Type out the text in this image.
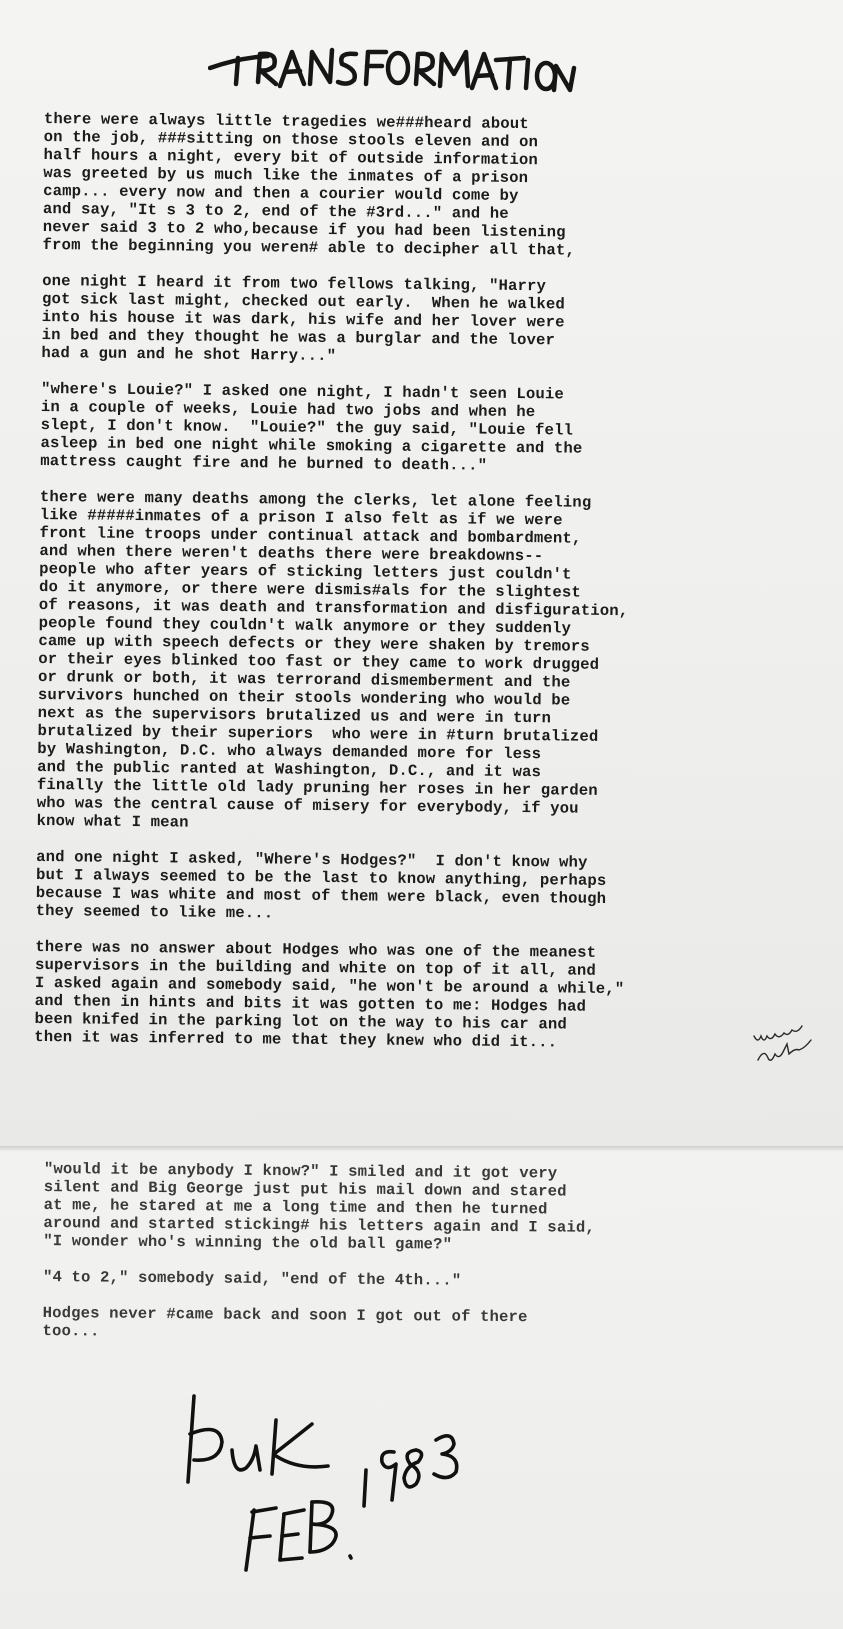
there were always little tragedies we###heard about
on the job, ###sitting on those stools eleven and on
half hours a night, every bit of outside information
was greeted by us much like the inmates of a prison
camp... every now and then a courier would come by
and say, "It s 3 to 2, end of the #3rd..." and he
never said 3 to 2 who,because if you had been listening
from the beginning you weren# able to decipher all that,
one night I heard it from two fellows talking, "Harry
got sick last might, checked out early.  When he walked
into his house it was dark, his wife and her lover were
in bed and they thought he was a burglar and the lover
had a gun and he shot Harry..."
"where's Louie?" I asked one night, I hadn't seen Louie
in a couple of weeks, Louie had two jobs and when he
slept, I don't know.  "Louie?" the guy said, "Louie fell
asleep in bed one night while smoking a cigarette and the
mattress caught fire and he burned to death..."
there were many deaths among the clerks, let alone feeling
like #####inmates of a prison I also felt as if we were
front line troops under continual attack and bombardment,
and when there weren't deaths there were breakdowns--
people who after years of sticking letters just couldn't
do it anymore, or there were dismis#als for the slightest
of reasons, it was death and transformation and disfiguration,
people found they couldn't walk anymore or they suddenly
came up with speech defects or they were shaken by tremors
or their eyes blinked too fast or they came to work drugged
or drunk or both, it was terrorand dismemberment and the
survivors hunched on their stools wondering who would be
next as the supervisors brutalized us and were in turn
brutalized by their superiors  who were in #turn brutalized
by Washington, D.C. who always demanded more for less
and the public ranted at Washington, D.C., and it was
finally the little old lady pruning her roses in her garden
who was the central cause of misery for everybody, if you
know what I mean
and one night I asked, "Where's Hodges?"  I don't know why
but I always seemed to be the last to know anything, perhaps
because I was white and most of them were black, even though
they seemed to like me...
there was no answer about Hodges who was one of the meanest
supervisors in the building and white on top of it all, and
I asked again and somebody said, "he won't be around a while,"
and then in hints and bits it was gotten to me: Hodges had
been knifed in the parking lot on the way to his car and
then it was inferred to me that they knew who did it...
"would it be anybody I know?" I smiled and it got very
silent and Big George just put his mail down and stared
at me, he stared at me a long time and then he turned
around and started sticking# his letters again and I said,
"I wonder who's winning the old ball game?"
"4 to 2," somebody said, "end of the 4th..."
Hodges never #came back and soon I got out of there
too...
